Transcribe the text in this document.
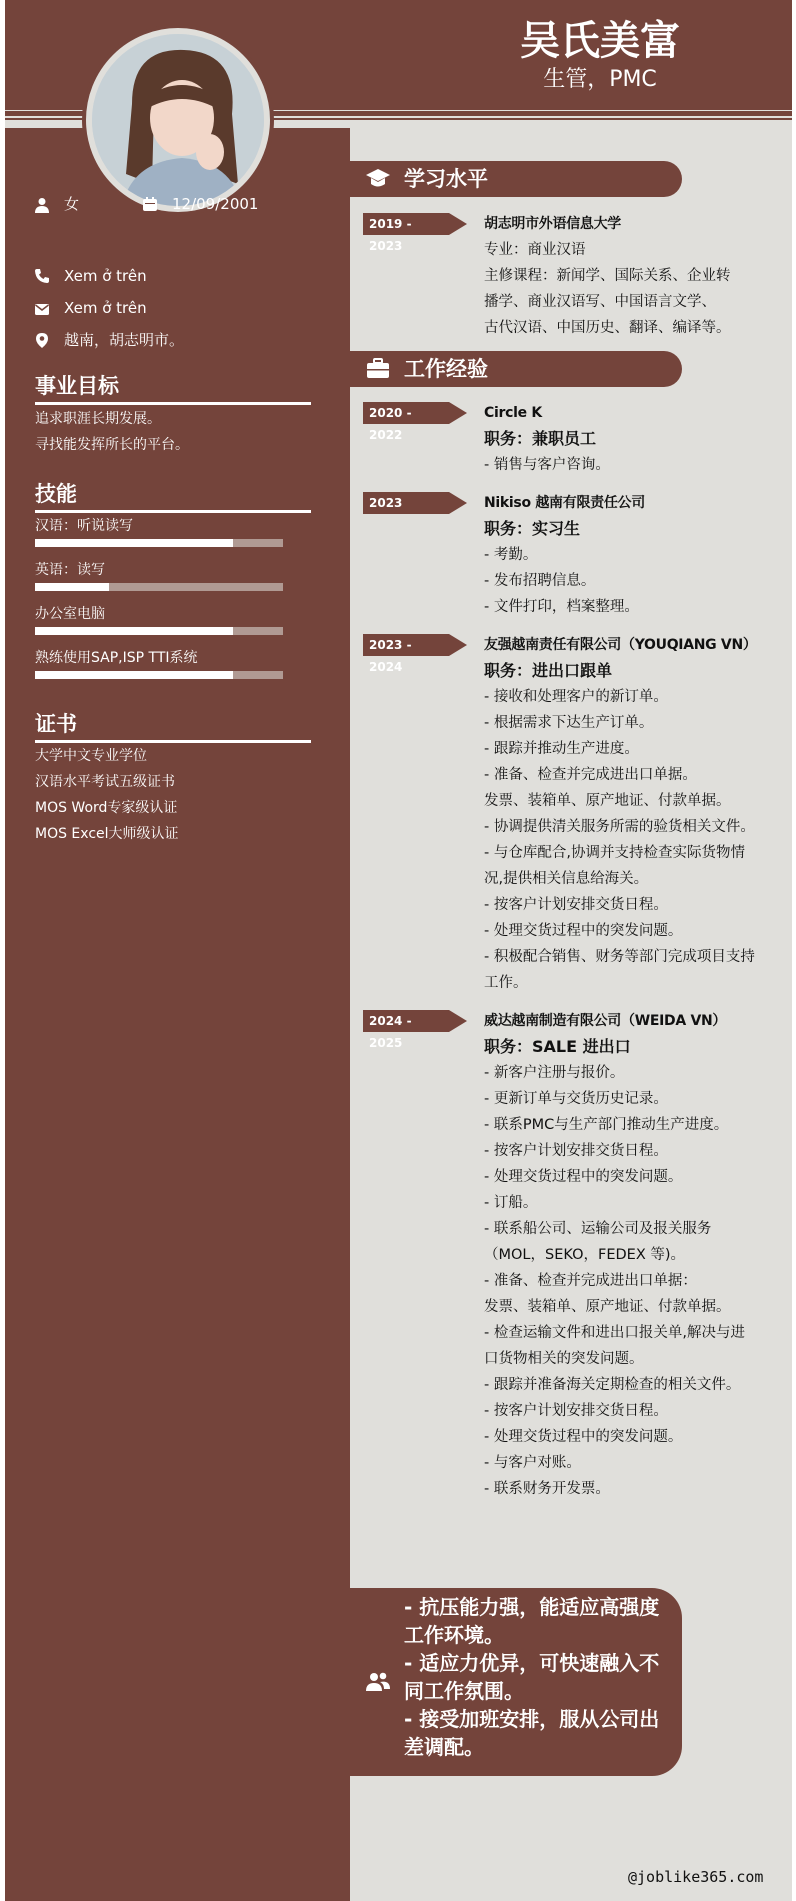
吴氏美富
生管，PMC
女	12/09/2001
Xem ở trên
Xem ở trên
越南，胡志明市。
事业目标
追求职涯长期发展。
寻找能发挥所长的平台。
技能
汉语：听说读写
英语：读写
办公室电脑
熟练使用SAP,ISP TTI系统
证书
大学中文专业学位
汉语水平考试五级证书
MOS Word专家级认证
MOS Excel大师级认证
学习水平
2019 - 2023
胡志明市外语信息大学
专业：商业汉语
主修课程：新闻学、国际关系、企业转
播学、商业汉语写、中国语言文学、
古代汉语、中国历史、翻译、编译等。
工作经验
2020 - 2022
Circle K
职务：兼职员工
- 销售与客户咨询。
2023	Nikiso 越南有限责任公司
职务：实习生
- 考勤。
- 发布招聘信息。
- 文件打印，档案整理。
2023 - 2024
友强越南责任有限公司（YOUQIANG VN）
职务：进出口跟单
- 接收和处理客户的新订单。
- 根据需求下达生产订单。
- 跟踪并推动生产进度。
- 准备、检查并完成进出口单据。
发票、装箱单、原产地证、付款单据。
- 协调提供清关服务所需的验货相关文件。
- 与仓库配合,协调并支持检查实际货物情
况,提供相关信息给海关。
- 按客户计划安排交货日程。
- 处理交货过程中的突发问题。
- 积极配合销售、财务等部门完成项目支持
工作。
2024 - 2025
威达越南制造有限公司（WEIDA VN）
职务：SALE 进出口
- 新客户注册与报价。
- 更新订单与交货历史记录。
- 联系PMC与生产部门推动生产进度。
- 按客户计划安排交货日程。
- 处理交货过程中的突发问题。
- 订船。
- 联系船公司、运输公司及报关服务
（MOL，SEKO，FEDEX 等)。
- 准备、检查并完成进出口单据：
发票、装箱单、原产地证、付款单据。
- 检查运输文件和进出口报关单,解决与进
口货物相关的突发问题。
- 跟踪并准备海关定期检查的相关文件。
- 按客户计划安排交货日程。
- 处理交货过程中的突发问题。
- 与客户对账。
- 联系财务开发票。
- 抗压能力强，能适应高强度工作环境。
- 适应力优异，可快速融入不同工作氛围。
- 接受加班安排，服从公司出差调配。
@joblike365.com
